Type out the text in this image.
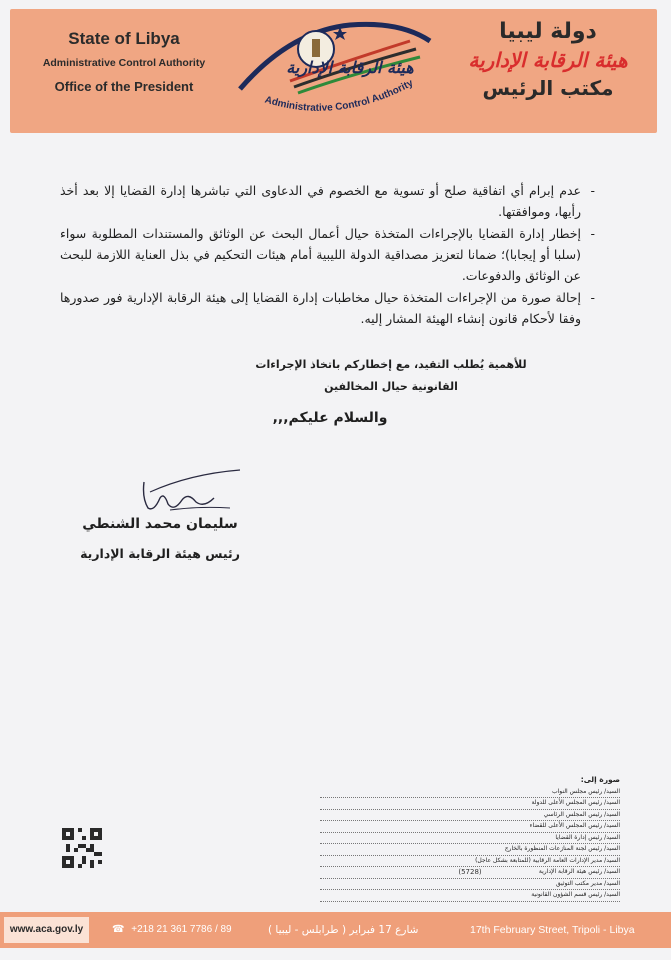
State of Libya
Administrative Control Authority
Office of the President
هيئة الرقابة الإدارية
Administrative Control Authority
دولة ليبيا
هيئة الرقابة الإدارية
مكتب الرئيس
-
عدم إبرام أي اتفاقية صلح أو تسوية مع الخصوم في الدعاوى التي تباشرها إدارة القضايا إلا بعد أخذ رأيها، وموافقتها.
-
إخطار إدارة القضايا بالإجراءات المتخذة حيال أعمال البحث عن الوثائق والمستندات المطلوبة سواء (سلبا أو إيجابا)؛ ضمانا لتعزيز مصداقية الدولة الليبية أمام هيئات التحكيم في بذل العناية اللازمة للبحث عن الوثائق والدفوعات.
-
إحالة صورة من الإجراءات المتخذة حيال مخاطبات إدارة القضايا إلى هيئة الرقابة الإدارية فور صدورها وفقا لأحكام قانون إنشاء الهيئة المشار إليه.
للأهمية يُطلب التقيد، مع إخطاركم باتخاذ الإجراءات
القانونية حيال المخالفين
والسلام عليكم,,,
سليمان محمد الشنطي
رئيس هيئة الرقابة الإدارية
صورة إلى:
السيد/ رئيس مجلس النواب
السيد/ رئيس المجلس الأعلى للدولة
السيد/ رئيس المجلس الرئاسي
السيد/ رئيس المجلس الأعلى للقضاء
السيد/ رئيس إدارة القضايا
السيد/ رئيس لجنة المنازعات المنظورة بالخارج
السيد/ مدير الإدارات العامة الرقابية (للمتابعة بشكل عاجل)
السيد/ رئيس هيئة الرقابة الإدارية
السيد/ مدير مكتب التوثيق
السيد/ رئيس قسم الشؤون القانونية
(5728)
www.aca.gov.ly	☎ +218 21 361 7786 / 89	شارع 17 فبراير ( طرابلس - ليبيا )	17th February Street, Tripoli - Libya
